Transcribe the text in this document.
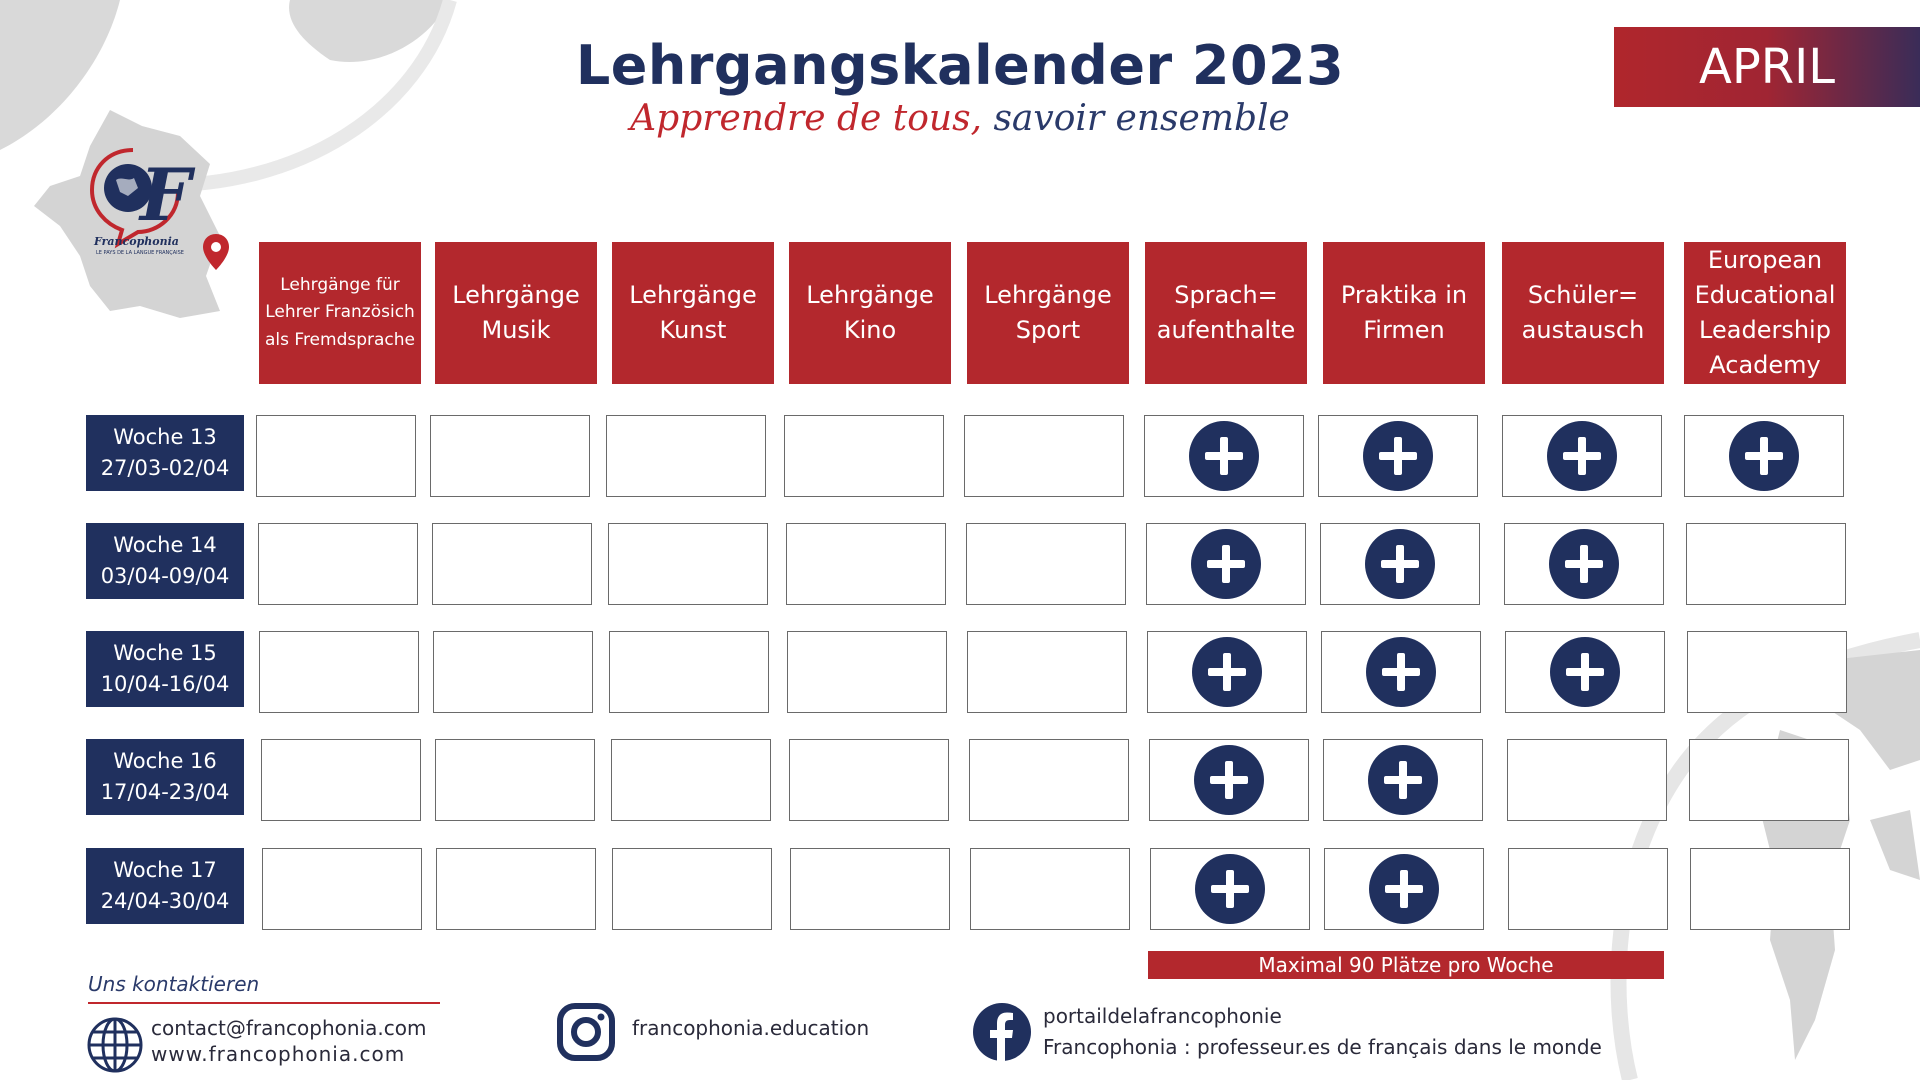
F
Francophonia
LE PAYS DE LA LANGUE FRANÇAISE
Lehrgangskalender 2023
Apprendre de tous, savoir ensemble
APRIL
Lehrgänge für Lehrer Französich als Fremdsprache
Lehrgänge Musik
Lehrgänge Kunst
Lehrgänge Kino
Lehrgänge Sport
Sprach= aufenthalte
Praktika in Firmen
Schüler= austausch
European Educational Leadership Academy
Woche 13
27/03-02/04
Woche 14
03/04-09/04
Woche 15
10/04-16/04
Woche 16
17/04-23/04
Woche 17
24/04-30/04
Maximal 90 Plätze pro Woche
Uns kontaktieren
contact@francophonia.com
www.francophonia.com
francophonia.education	portaildelafrancophonie
Francophonia : professeur.es de français dans le monde
